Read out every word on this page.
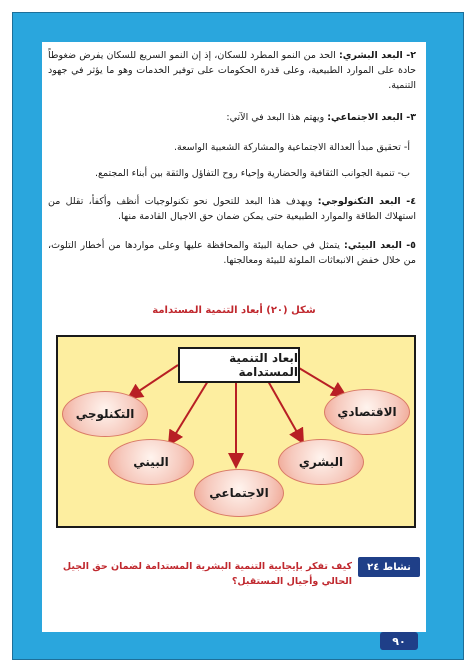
٢- البعد البشري: الحد من النمو المطرد للسكان، إذ إن النمو السريع للسكان يفرض ضغوطاً حادة على الموارد الطبيعية، وعلى قدرة الحكومات على توفير الخدمات وهو ما يؤثر في جهود التنمية.
٣- البعد الاجتماعي: ويهتم هذا البعد في الآتي:
أ- تحقيق مبدأ العدالة الاجتماعية والمشاركة الشعبية الواسعة.
ب- تنمية الجوانب الثقافية والحضارية وإحياء روح التفاؤل والثقة بين أبناء المجتمع.
٤- البعد التكنولوجي: ويهدف هذا البعد للتحول نحو تكنولوجيات أنظف وأكفأ، تقلل من استهلاك الطاقة والموارد الطبيعية حتى يمكن ضمان حق الاجيال القادمة منها.
٥- البعد البيئي: يتمثل في حماية البيئة والمحافظة عليها وعلى مواردها من أخطار التلوث، من خلال خفض الانبعاثات الملوثة للبيئة ومعالجتها.
شكل (٢٠) أبعاد التنمية المستدامة
ابعاد التنمية المستدامة
الاقتصادي
التكنلوجي
البشري
البيني
الاجتماعي
نشاط ٢٤
كيف تفكر بإيجابية التنمية البشرية المستدامة لضمان حق الجيل الحالي وأجيال المستقبل؟
٩٠
